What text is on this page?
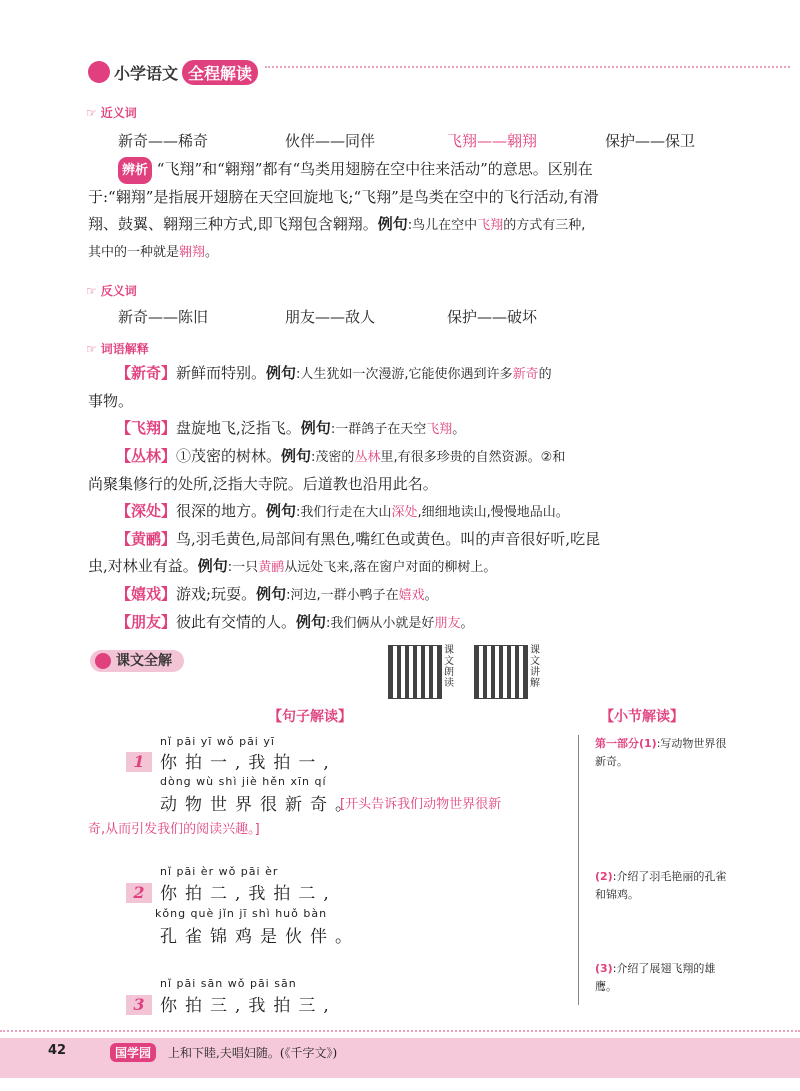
小学语文 全程解读
☞ 近义词
新奇——稀奇	伙伴——同伴	飞翔——翱翔	保护——保卫
辨析 “飞翔”和“翱翔”都有“鸟类用翅膀在空中往来活动”的意思。区别在
于:“翱翔”是指展开翅膀在天空回旋地飞;“飞翔”是鸟类在空中的飞行活动,有滑
翔、鼓翼、翱翔三种方式,即飞翔包含翱翔。例句:鸟儿在空中飞翔的方式有三种,
其中的一种就是翱翔。
☞ 反义词
新奇——陈旧	朋友——敌人	保护——破坏
☞ 词语解释
【新奇】新鲜而特别。例句:人生犹如一次漫游,它能使你遇到许多新奇的
事物。
【飞翔】盘旋地飞,泛指飞。例句:一群鸽子在天空飞翔。
【丛林】①茂密的树林。例句:茂密的丛林里,有很多珍贵的自然资源。②和
尚聚集修行的处所,泛指大寺院。后道教也沿用此名。
【深处】很深的地方。例句:我们行走在大山深处,细细地读山,慢慢地品山。
【黄鹂】鸟,羽毛黄色,局部间有黑色,嘴红色或黄色。叫的声音很好听,吃昆
虫,对林业有益。例句:一只黄鹂从远处飞来,落在窗户对面的柳树上。
【嬉戏】游戏;玩耍。例句:河边,一群小鸭子在嬉戏。
【朋友】彼此有交情的人。例句:我们俩从小就是好朋友。
课文全解
课文朗读
课文讲解
【句子解读】	【小节解读】
nǐ pāi yī wǒ pāi yī
1 你拍一,我拍一,
dòng wù shì jiè hěn xīn qí
动物世界很新奇。
[开头告诉我们动物世界很新
奇,从而引发我们的阅读兴趣。]
nǐ pāi èr wǒ pāi èr
2 你拍二,我拍二,
kǒng què jǐn jī shì huǒ bàn
孔雀锦鸡是伙伴。
nǐ pāi sān wǒ pāi sān
3 你拍三,我拍三,
第一部分(1):写动物世界很新奇。
(2):介绍了羽毛艳丽的孔雀和锦鸡。
(3):介绍了展翅飞翔的雄鹰。
42	国学园	上和下睦,夫唱妇随。(《千字文》)
